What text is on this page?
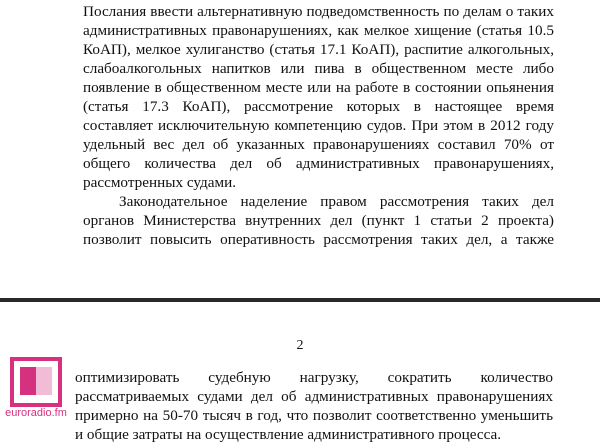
Послания ввести альтернативную подведомственность по делам о таких
административных правонарушениях, как мелкое хищение (статья 10.5
КоАП), мелкое хулиганство (статья 17.1 КоАП), распитие алкогольных,
слабоалкогольных напитков или пива в общественном месте либо
появление в общественном месте или на работе в состоянии опьянения
(статья 17.3 КоАП), рассмотрение которых в настоящее время
составляет исключительную компетенцию судов. При этом в 2012 году
удельный вес дел об указанных правонарушениях составил 70% от
общего количества дел об административных правонарушениях,
рассмотренных судами.
Законодательное наделение правом рассмотрения таких дел
органов Министерства внутренних дел (пункт 1 статьи 2 проекта)
позволит повысить оперативность рассмотрения таких дел, а также
2
оптимизировать судебную нагрузку, сократить количество
рассматриваемых судами дел об административных правонарушениях
примерно на 50-70 тысяч в год, что позволит соответственно уменьшить
и общие затраты на осуществление административного процесса.
euroradio.fm
